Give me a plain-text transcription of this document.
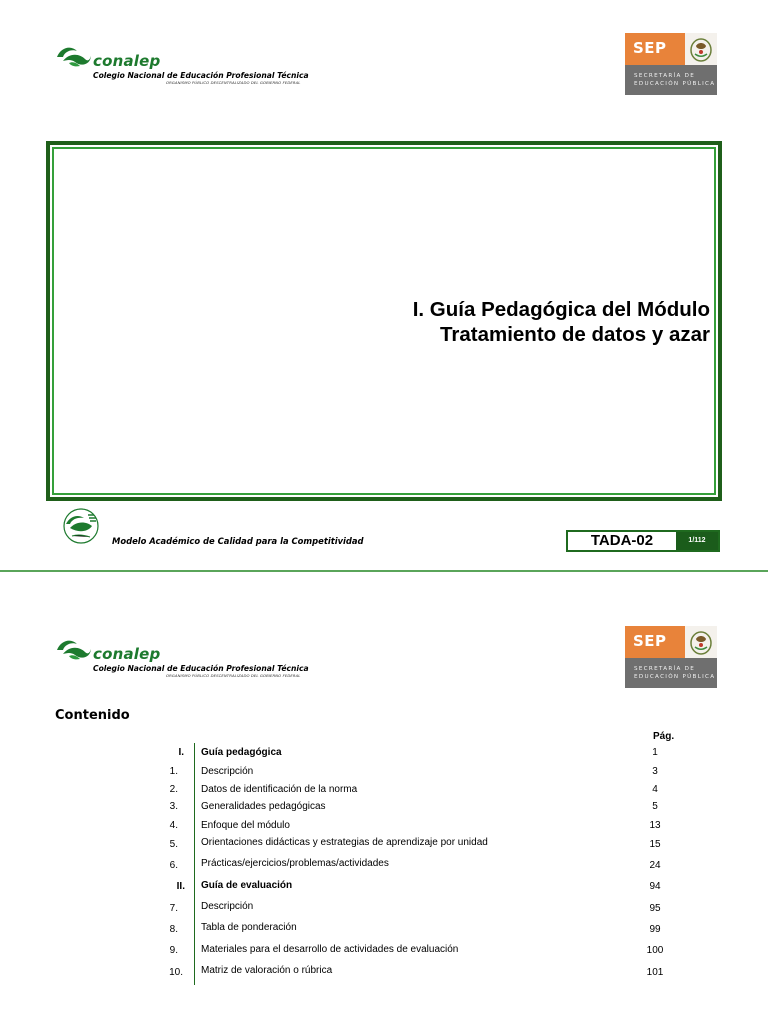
conalep
Colegio Nacional de Educación Profesional Técnica
ORGANISMO PÚBLICO DESCENTRALIZADO DEL GOBIERNO FEDERAL
SEP
SECRETARÍA DE
EDUCACIÓN PÚBLICA
I. Guía Pedagógica del Módulo
Tratamiento de datos y azar
Modelo Académico de Calidad para la Competitividad	TADA-02	1/112
conalep
Colegio Nacional de Educación Profesional Técnica
ORGANISMO PÚBLICO DESCENTRALIZADO DEL GOBIERNO FEDERAL
SEP
SECRETARÍA DE
EDUCACIÓN PÚBLICA
Contenido
Pág.
I. Guía pedagógica	1
1. Descripción	3
2. Datos de identificación de la norma	4
3. Generalidades pedagógicas	5
4. Enfoque del módulo	13
5. Orientaciones didácticas y estrategias de aprendizaje por unidad	15
6. Prácticas/ejercicios/problemas/actividades	24
II. Guía de evaluación	94
7. Descripción	95
8. Tabla de ponderación	99
9. Materiales para el desarrollo de actividades de evaluación	100
10. Matriz de valoración o rúbrica	101
